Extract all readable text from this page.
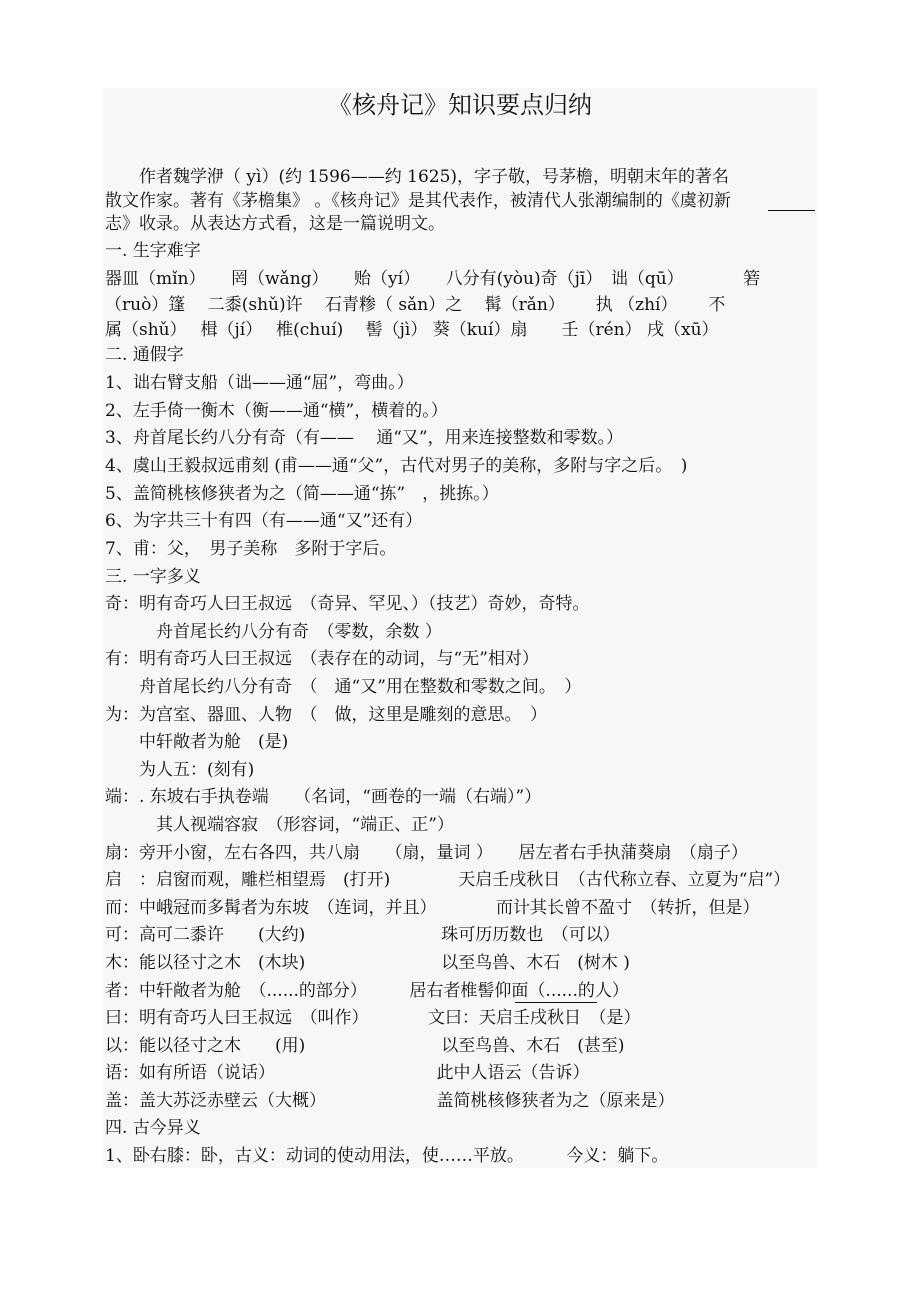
《核舟记》知识要点归纳
　　作者魏学洢（ yì）(约 1596——约 1625)，字子敬，号茅檐，明朝末年的著名
散文作家。著有《茅檐集》 。《核舟记》是其代表作，被清代人张潮编制的《虞初新
志》收录。从表达方式看，这是一篇说明文。
一. 生字难字
器皿（mǐn）　　罔（wǎng）　　贻（yí）　　八分有(yòu)奇（jī）　诎（qū）　　　　箬
（ruò）篷　 二黍(shǔ)许　 石青糁（ sǎn）之　 髯（rǎn）　　 执 （zhí）　　 不
属（shǔ）　 楫（jí）　 椎(chuí)　 髻（jì） 葵（kuí）扇　　壬（rén） 戌（xū）
二. 通假字
1、诎右臂支船（诎——通“屈”，弯曲。）
2、左手倚一衡木（衡——通“横”，横着的。）
3、舟首尾长约八分有奇（有——　 通“又”，用来连接整数和零数。）
4、虞山王毅叔远甫刻 (甫——通“父”，古代对男子的美称，多附与字之后。　)
5、盖简桃核修狭者为之（简——通“拣”　，挑拣。）
6、为字共三十有四（有——通“又”还有）
7、甫：父，　男子美称　多附于字后。
三. 一字多义
奇：明有奇巧人曰王叔远　（奇异、罕见、）（技艺）奇妙，奇特。
　　　舟首尾长约八分有奇　（零数，余数 ）
有：明有奇巧人曰王叔远　（表存在的动词，与“无”相对）
　　舟首尾长约八分有奇　（　通“又”用在整数和零数之间。　）
为：为宫室、器皿、人物　（　做，这里是雕刻的意思。　）
　　中轩敞者为舱　(是)
　　为人五：(刻有)
端：. 东坡右手执卷端　　（名词，“画卷的一端（右端）”）
　　　其人视端容寂　（形容词，“端正、正”）
扇：旁开小窗，左右各四，共八扇　　（扇，量词 ）　　居左者右手执蒲葵扇　（扇子）
启　：启窗而观，雕栏相望焉　(打开)　　　　天启壬戌秋日　（古代称立春、立夏为“启”）
而：中峨冠而多髯者为东坡　（连词，并且）　　　　而计其长曾不盈寸　（转折，但是）
可：高可二黍许　　(大约)　　　　　　　　珠可历历数也　（可以）
木：能以径寸之木　(木块)　　　　　　　　以至鸟兽、木石　(树木 )
者：中轩敞者为舱　（......的部分）　　　居右者椎髻仰面（......的人）
曰：明有奇巧人曰王叔远　（叫作）　　　　文曰：天启壬戌秋日　（是）
以：能以径寸之木　　(用)　　　　　　　　以至鸟兽、木石　(甚至)
语：如有所语（说话）　　　　　　　　　　此中人语云（告诉）
盖：盖大苏泛赤壁云（大概）　　　　　　　盖简桃核修狭者为之（原来是）
四. 古今异义
1、卧右膝：卧，古义：动词的使动用法，使……平放。　　　今义：躺下。
